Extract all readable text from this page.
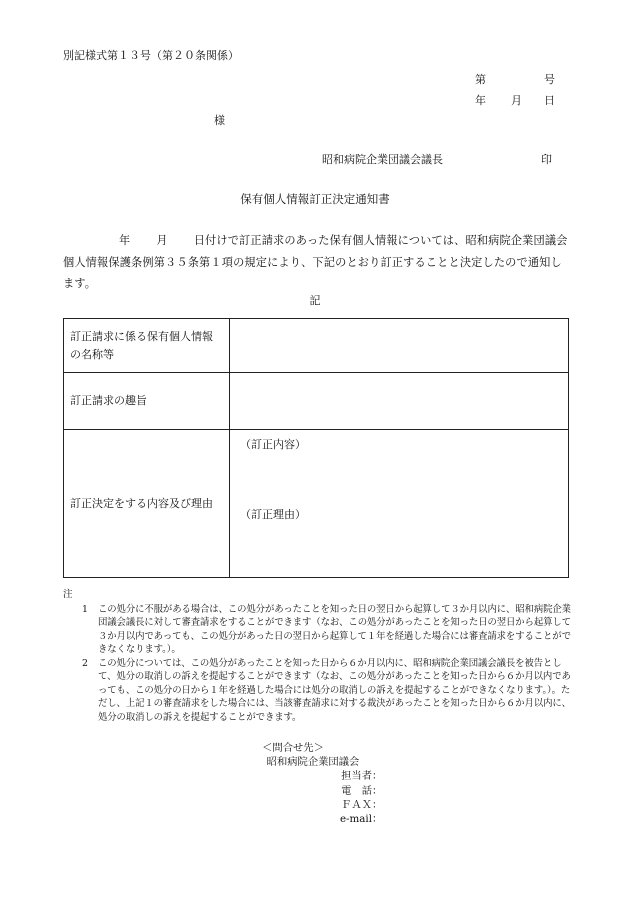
別記様式第１３号（第２０条関係）
第	号
年 月 日
様
昭和病院企業団議会議長	印
保有個人情報訂正決定通知書
年 月 日付けで訂正請求のあった保有個人情報については、昭和病院企業団議会個人情報保護条例第３５条第１項の規定により、下記のとおり訂正することと決定したので通知します。
記
訂正請求に係る保有個人情報の名称等	
訂正請求の趣旨	
訂正決定をする内容及び理由	（訂正内容）
（訂正理由）
注
1	この処分に不服がある場合は、この処分があったことを知った日の翌日から起算して３か月以内に、昭和病院企業団議会議長に対して審査請求をすることができます（なお、この処分があったことを知った日の翌日から起算して３か月以内であっても、この処分があった日の翌日から起算して１年を経過した場合には審査請求をすることができなくなります。）。
2	この処分については、この処分があったことを知った日から６か月以内に、昭和病院企業団議会議長を被告として、処分の取消しの訴えを提起することができます（なお、この処分があったことを知った日から６か月以内であっても、この処分の日から１年を経過した場合には処分の取消しの訴えを提起することができなくなります。）。ただし、上記１の審査請求をした場合には、当該審査請求に対する裁決があったことを知った日から６か月以内に、処分の取消しの訴えを提起することができます。
＜問合せ先＞
昭和病院企業団議会
担当者 ：
電　話 ：
ＦＡＸ ：
e-mail ：
